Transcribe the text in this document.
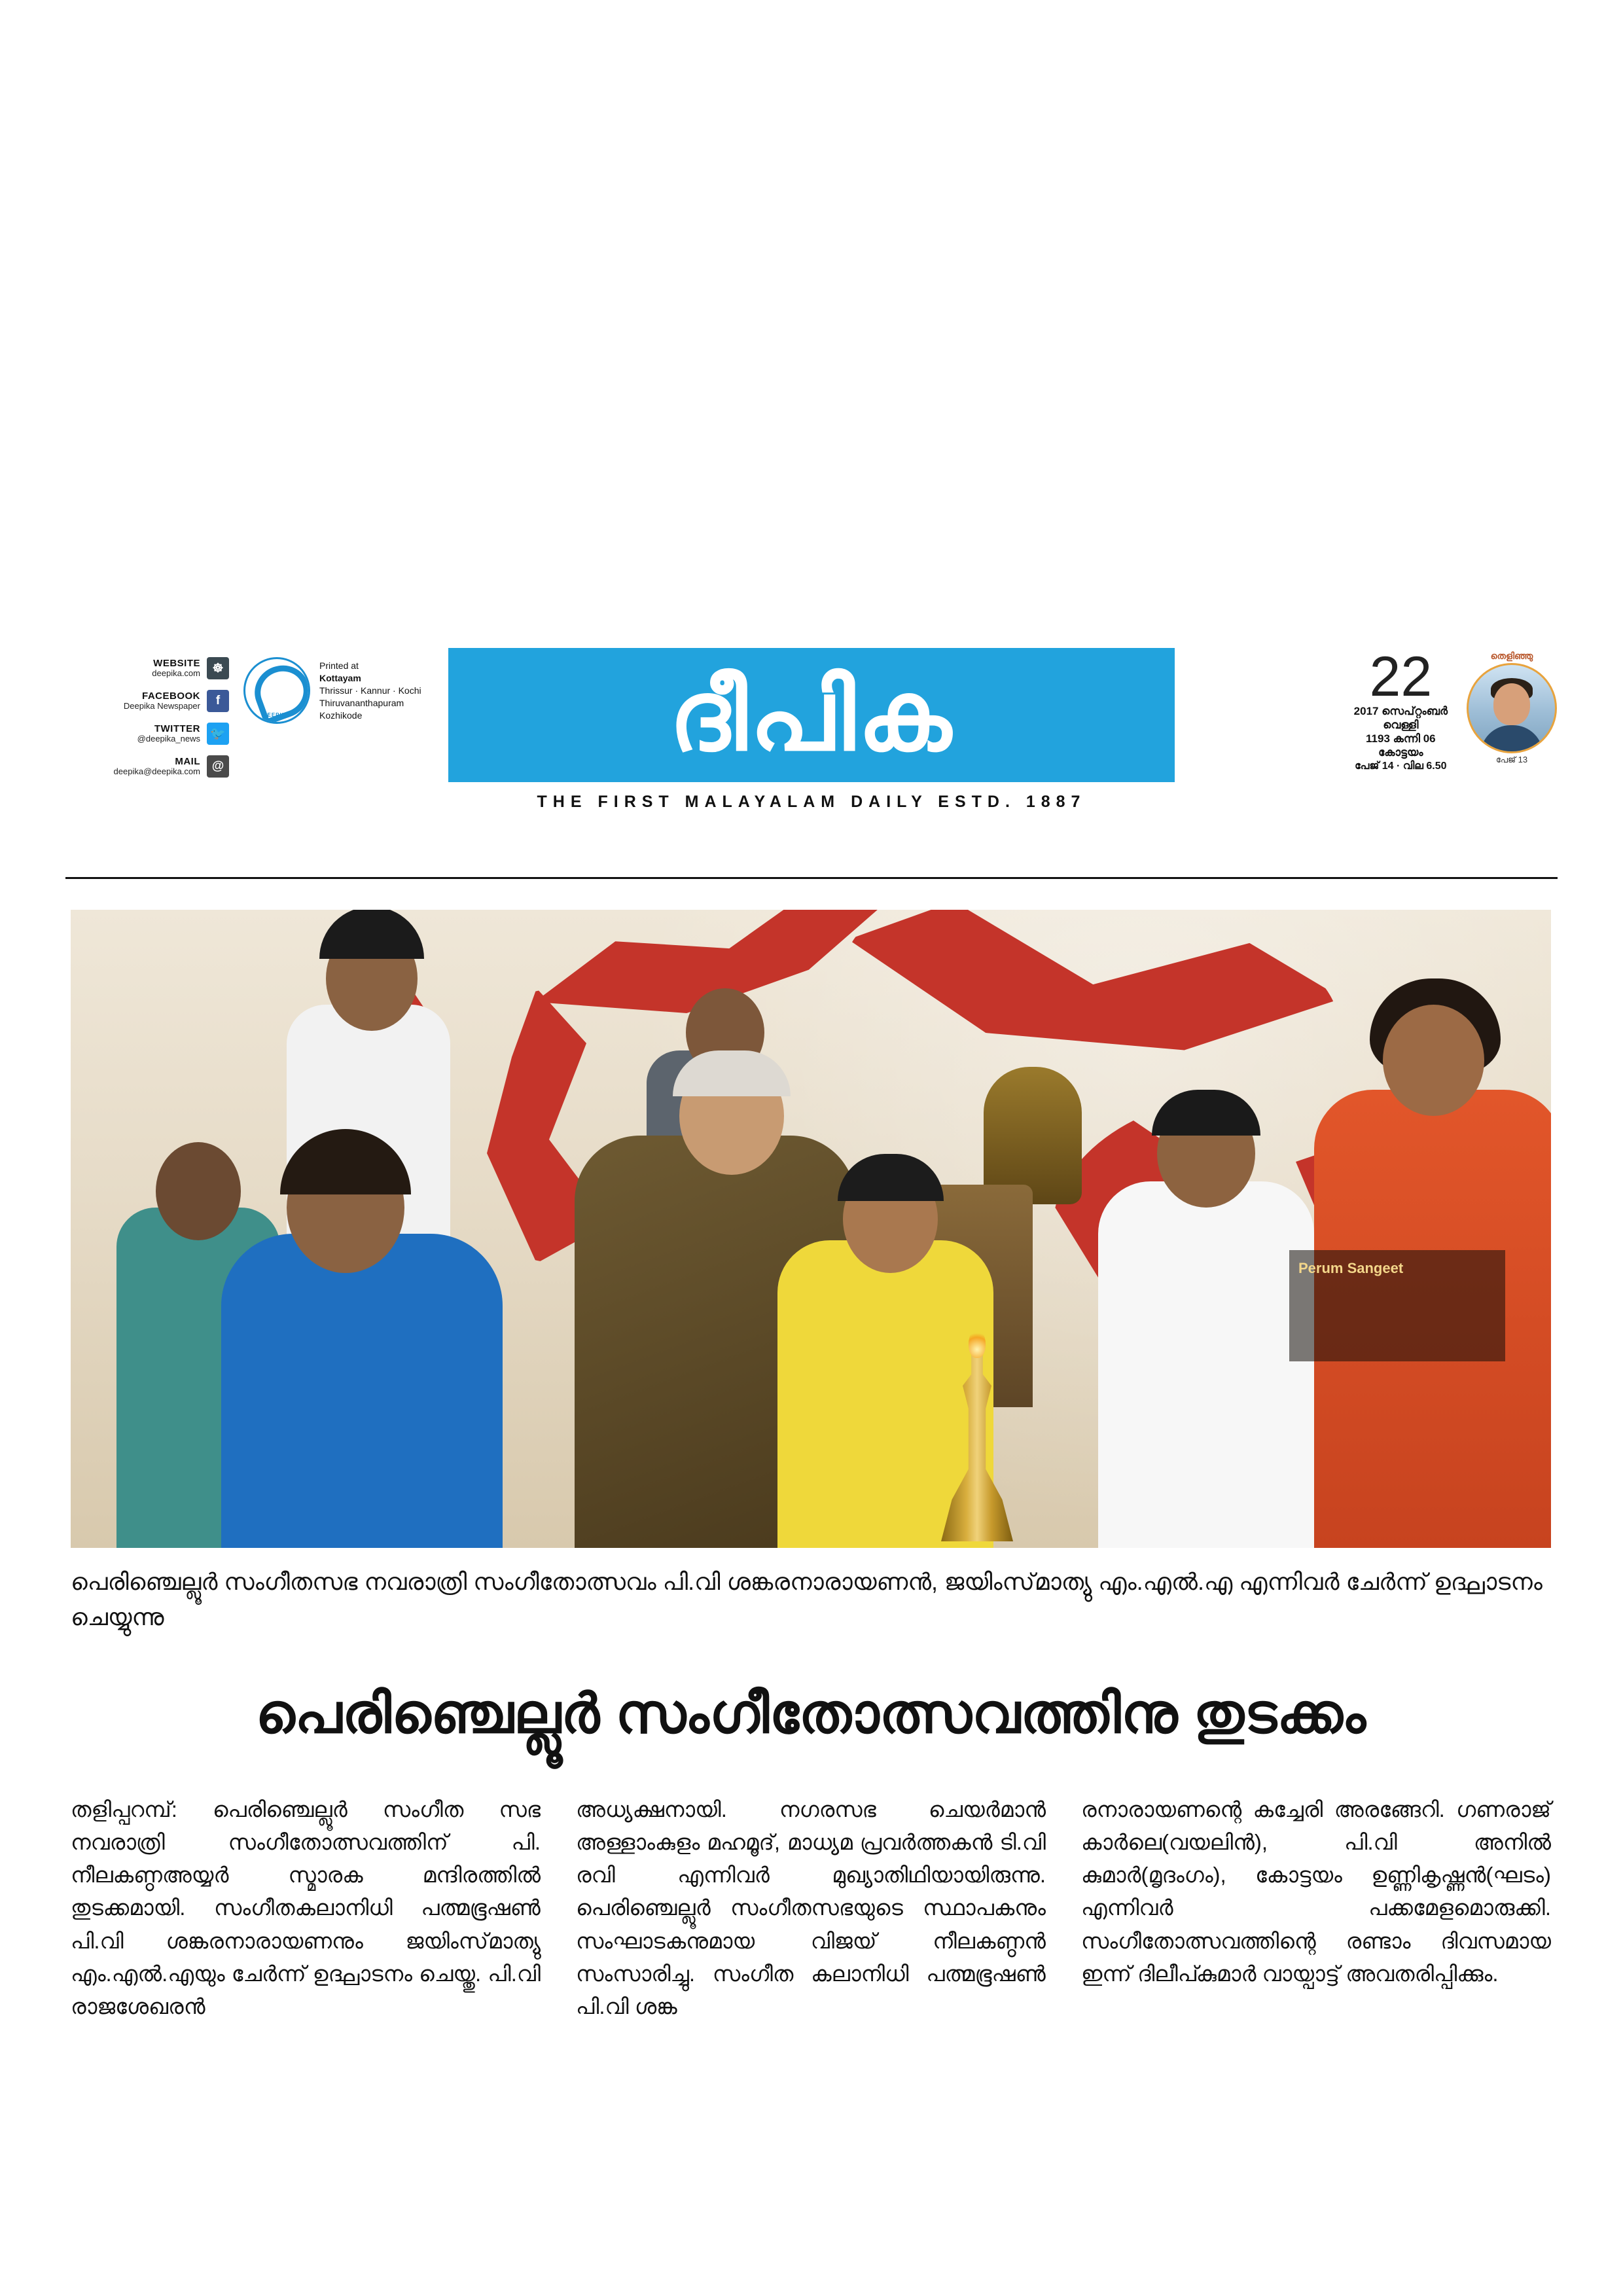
WEBSITE
deepika.com ☸
FACEBOOK
Deepika Newspaper	f
TWITTER
@deepika_news 🐦
MAIL
deepika@deepika.com @
DEEPIKA
Printed at
Kottayam
Thrissur · Kannur · Kochi
Thiruvananthapuram
Kozhikode	ദീപിക
THE FIRST MALAYALAM DAILY ESTD. 1887
22
2017 സെപ്റ്റംബർ
വെള്ളി
1193 കന്നി 06
കോട്ടയം
പേജ് 14 · വില 6.50
തെളിഞ്ഞു
പേജ് 13
Perum Sangeet
പെരിഞ്ചെല്ലൂർ സംഗീതസഭ നവരാത്രി സംഗീതോത്സവം പി.വി ശങ്കരനാരായണൻ, ജയിംസ്‌മാത്യു എം.എൽ.എ എന്നിവർ ചേർന്ന് ഉദ്ഘാടനം ചെയ്യുന്നു
പെരിഞ്ചെല്ലൂർ സംഗീതോത്സവത്തിനു തുടക്കം

തളിപ്പറമ്പ്: പെരിഞ്ചെല്ലൂർ സംഗീത സഭ നവരാത്രി സംഗീതോത്സവത്തിന് പി. നീലകണ്ഠഅയ്യർ സ്മാരക മന്ദിരത്തിൽ തുടക്കമായി. സംഗീതകലാനിധി പത്മഭൂഷൺ പി.വി ശങ്കരനാരായണനും ജയിംസ്‌മാത്യു എം.എൽ.എയും ചേർന്ന് ഉദ്ഘാടനം ചെയ്തു. പി.വി രാജശേഖരൻ

അധ്യക്ഷനായി. നഗരസഭ ചെയർമാൻ അള്ളാംകുളം മഹമൂദ്, മാധ്യമ പ്രവർത്തകൻ ടി.വി രവി എന്നിവർ മുഖ്യാതിഥിയായിരുന്നു. പെരിഞ്ചെല്ലൂർ സംഗീതസഭയുടെ സ്ഥാപകനും സംഘാടകനുമായ വിജയ് നീലകണ്ഠൻ സംസാരിച്ചു. സംഗീത കലാനിധി പത്മഭൂഷൺ പി.വി ശങ്ക

രനാരായണന്റെ കച്ചേരി അരങ്ങേറി. ഗണരാജ് കാർലെ(വയലിൻ), പി.വി അനിൽ കുമാർ(മൃദംഗം), കോട്ടയം ഉണ്ണികൃഷ്ണൻ(ഘടം) എന്നിവർ പക്കമേളമൊരുക്കി. സംഗീതോത്സവത്തിന്റെ രണ്ടാം ദിവസമായ ഇന്ന് ദിലീപ്കുമാർ വായ്പാട്ട് അവതരിപ്പിക്കും.
